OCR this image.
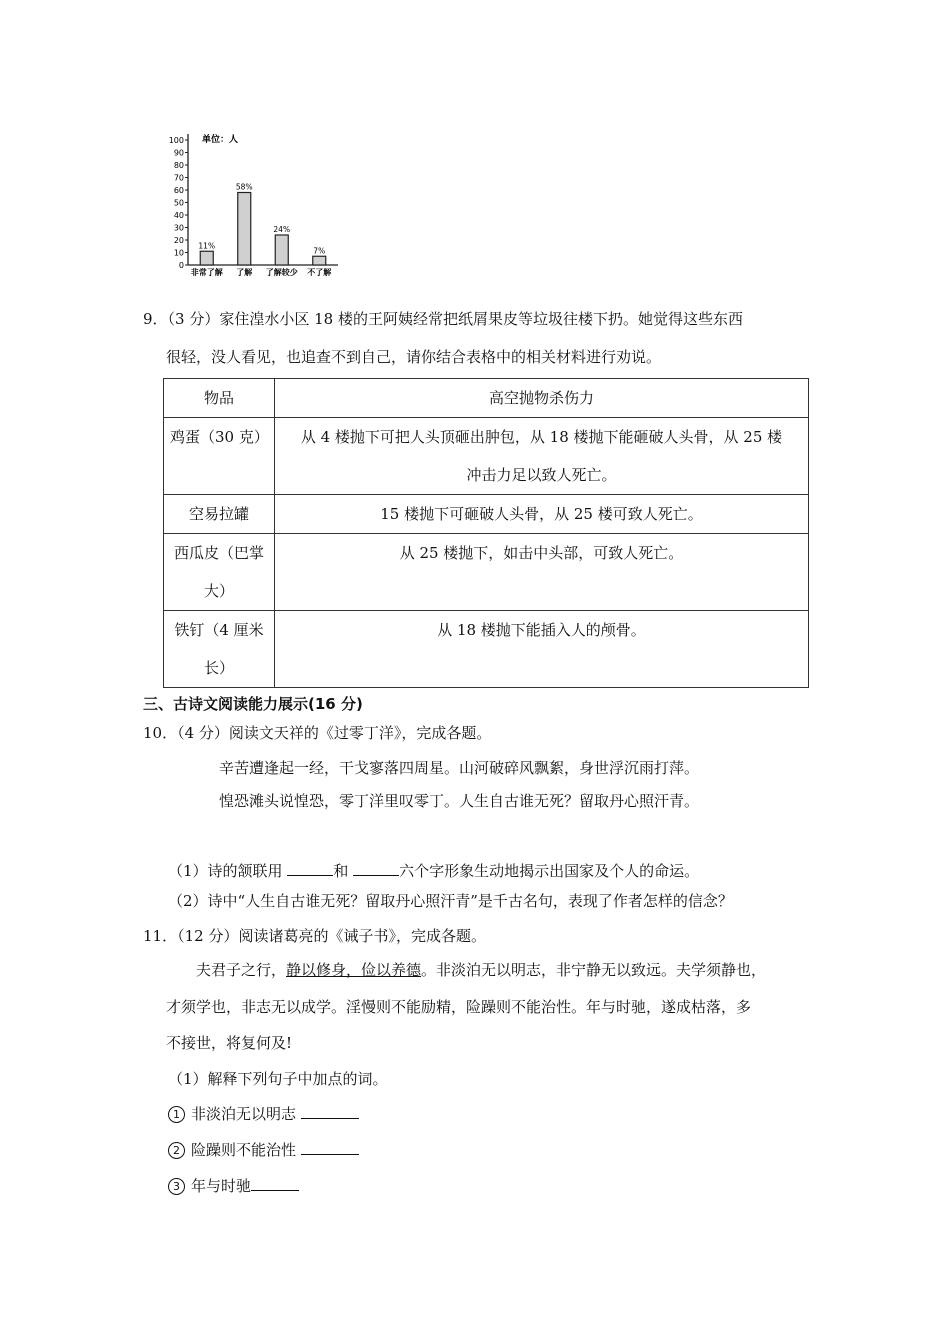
0
10
20
30
40
50
60
70
80
90
100
11%
非常了解
58%
了解
24%
了解较少
7%
不了解
单位：人
9．（3 分）家住湟水小区 18 楼的王阿姨经常把纸屑果皮等垃圾往楼下扔。她觉得这些东西
很轻，没人看见，也追查不到自己，请你结合表格中的相关材料进行劝说。
物品	高空抛物杀伤力

鸡蛋（30 克）	从 4 楼抛下可把人头顶砸出肿包，从 18 楼抛下能砸破人头骨，从 25 楼
冲击力足以致人死亡。

空易拉罐	15 楼抛下可砸破人头骨，从 25 楼可致人死亡。

西瓜皮（巴掌
大）	从 25 楼抛下，如击中头部，可致人死亡。

铁钉（4 厘米
长）	从 18 楼抛下能插入人的颅骨。
三、古诗文阅读能力展示(16 分)
10．（4 分）阅读文天祥的《过零丁洋》，完成各题。
辛苦遭逢起一经，干戈寥落四周星。山河破碎风飘絮，身世浮沉雨打萍。
惶恐滩头说惶恐，零丁洋里叹零丁。人生自古谁无死？留取丹心照汗青。
（1）诗的颔联用	和	六个字形象生动地揭示出国家及个人的命运。
（2）诗中“人生自古谁无死？留取丹心照汗青”是千古名句，表现了作者怎样的信念？
11．（12 分）阅读诸葛亮的《诫子书》，完成各题。
夫君子之行，静以修身，俭以养德。非淡泊无以明志，非宁静无以致远。夫学须静也，
才须学也，非志无以成学。淫慢则不能励精，险躁则不能治性。年与时驰，遂成枯落，多
不接世，将复何及!
（1）解释下列句子中加点的词。
1 非淡泊无以明志
2 险躁则不能治性
3 年与时驰
